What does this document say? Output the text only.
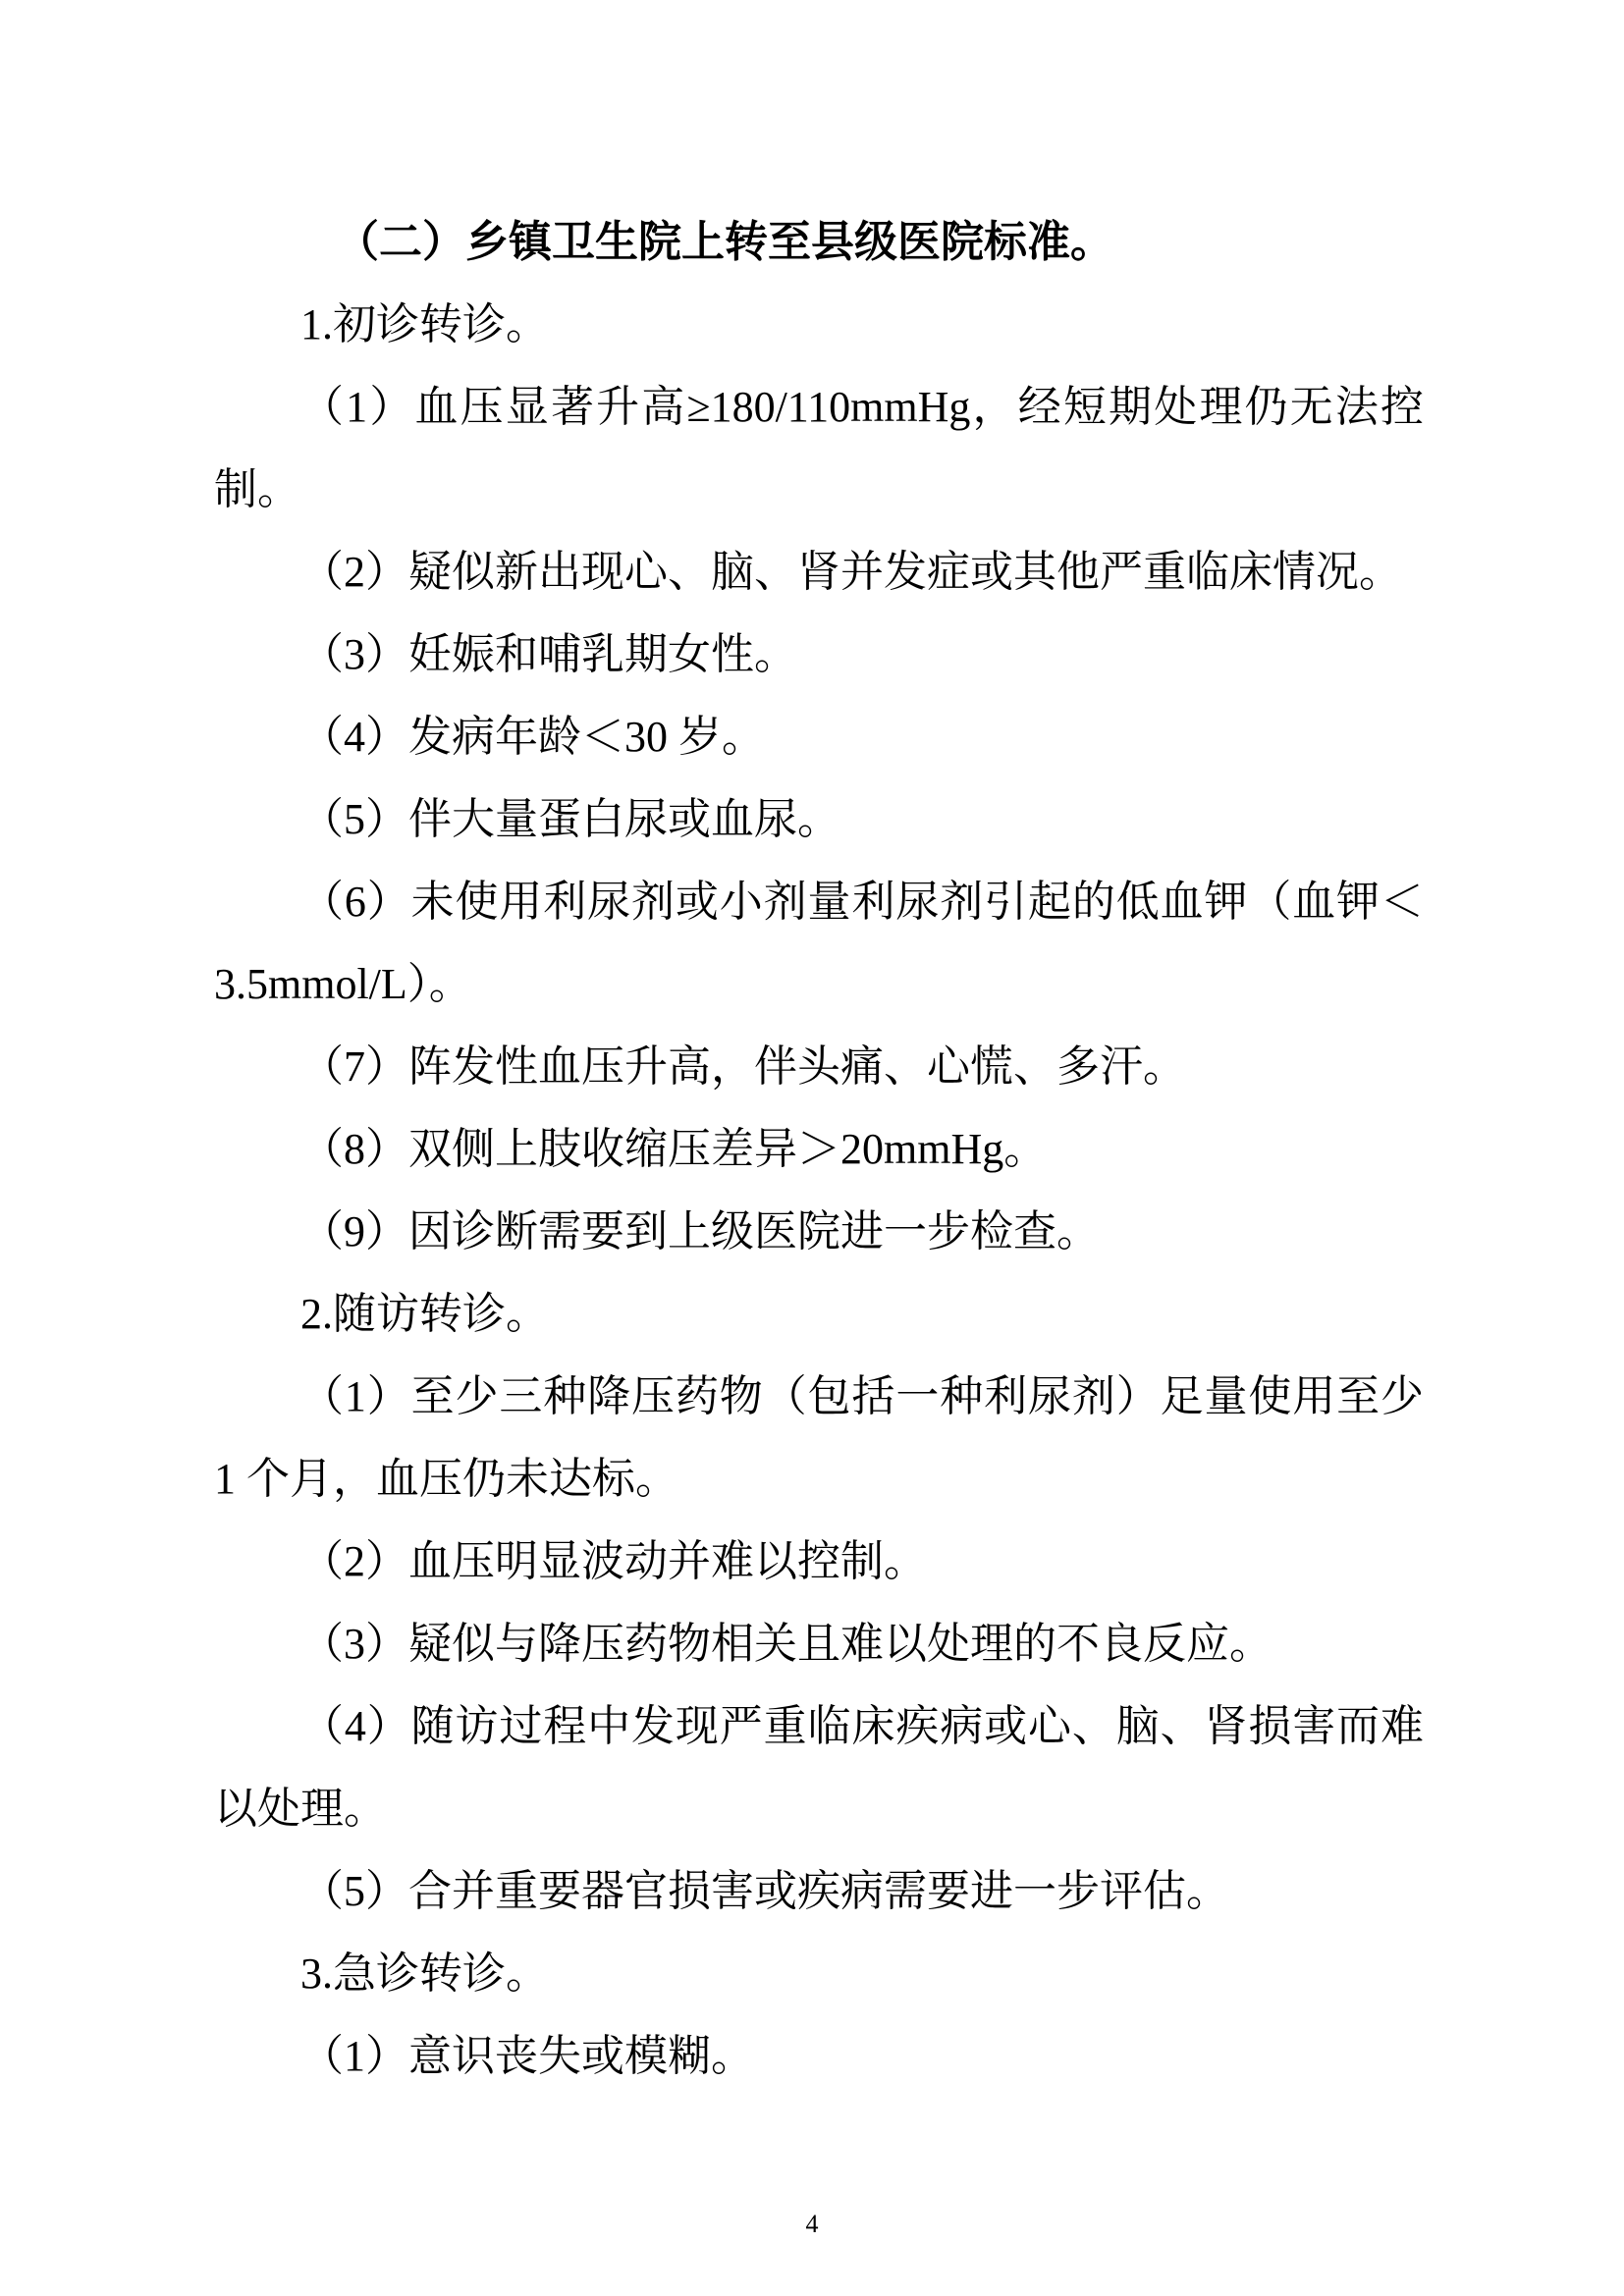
（二）乡镇卫生院上转至县级医院标准。
1.初诊转诊。
（1）血压显著升高≥180/110mmHg，经短期处理仍无法控
制。
（2）疑似新出现心、脑、肾并发症或其他严重临床情况。
（3）妊娠和哺乳期女性。
（4）发病年龄＜30 岁。
（5）伴大量蛋白尿或血尿。
（6）未使用利尿剂或小剂量利尿剂引起的低血钾（血钾＜
3.5mmol/L）。
（7）阵发性血压升高，伴头痛、心慌、多汗。
（8）双侧上肢收缩压差异＞20mmHg。
（9）因诊断需要到上级医院进一步检查。
2.随访转诊。
（1）至少三种降压药物（包括一种利尿剂）足量使用至少
1 个月，血压仍未达标。
（2）血压明显波动并难以控制。
（3）疑似与降压药物相关且难以处理的不良反应。
（4）随访过程中发现严重临床疾病或心、脑、肾损害而难
以处理。
（5）合并重要器官损害或疾病需要进一步评估。
3.急诊转诊。
（1）意识丧失或模糊。
4
